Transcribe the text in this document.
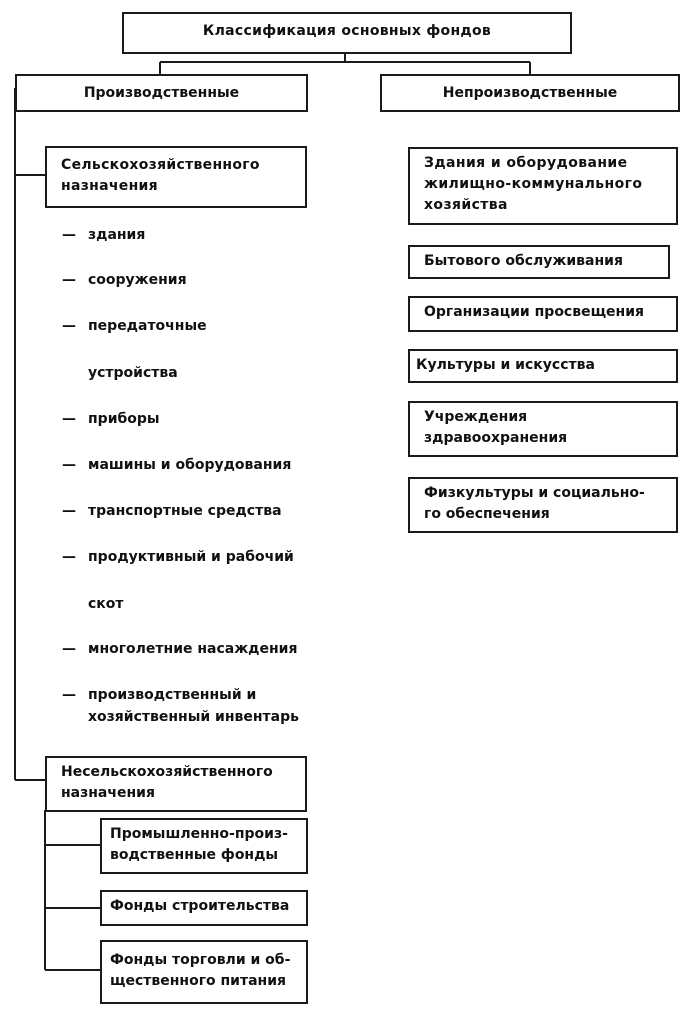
Классификация основных фондов
Производственные	Непроизводственные
Сельскохозяйственного
назначения
— здания
— сооружения
— передаточные
устройства
— приборы
— машины и оборудования
— транспортные средства
— продуктивный и рабочий
скот
— многолетние насаждения
— производственный и
хозяйственный инвентарь
Несельскохозяйственного
назначения
Промышленно-произ-
водственные фонды
Фонды строительства
Фонды торговли и об-
щественного питания
Здания и оборудование
жилищно-коммунального
хозяйства
Бытового обслуживания
Организации просвещения
Культуры и искусства
Учреждения
здравоохранения
Физкультуры и социально-
го обеспечения
